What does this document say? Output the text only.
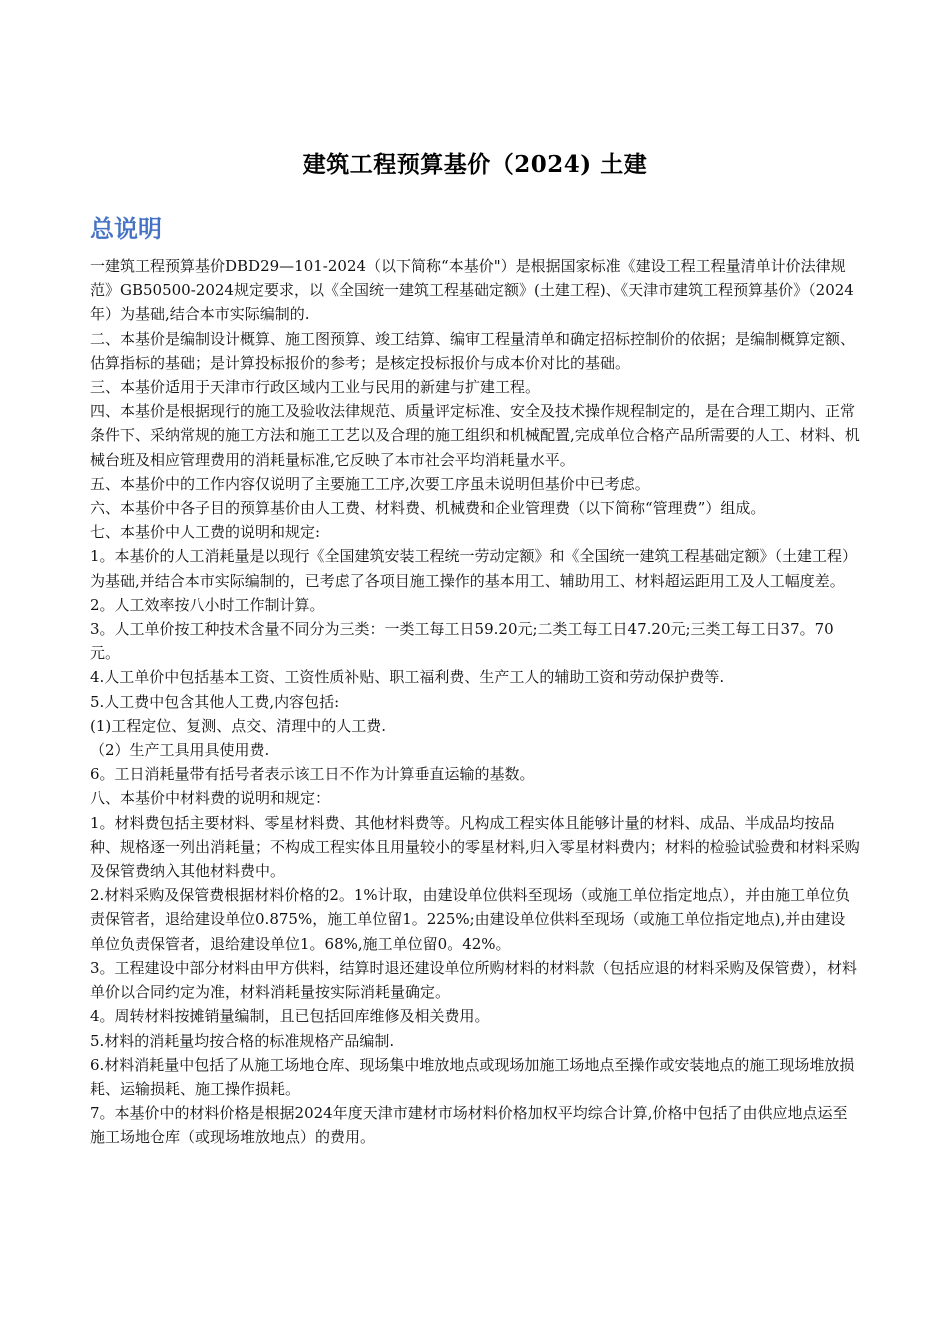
建筑工程预算基价（2024) 土建
总说明

一建筑工程预算基价DBD29—101-2024（以下简称“本基价"）是根据国家标准《建设工程工程量清单计价法律规范》GB50500-2024规定要求，以《全国统一建筑工程基础定额》(土建工程)、《天津市建筑工程预算基价》（2024年）为基础,结合本市实际编制的.

二、本基价是编制设计概算、施工图预算、竣工结算、编审工程量清单和确定招标控制价的依据；是编制概算定额、估算指标的基础；是计算投标报价的参考；是核定投标报价与成本价对比的基础。

三、本基价适用于天津市行政区域内工业与民用的新建与扩建工程。

四、本基价是根据现行的施工及验收法律规范、质量评定标准、安全及技术操作规程制定的，是在合理工期内、正常条件下、采纳常规的施工方法和施工工艺以及合理的施工组织和机械配置,完成单位合格产品所需要的人工、材料、机械台班及相应管理费用的消耗量标准,它反映了本市社会平均消耗量水平。

五、本基价中的工作内容仅说明了主要施工工序,次要工序虽未说明但基价中已考虑。

六、本基价中各子目的预算基价由人工费、材料费、机械费和企业管理费（以下简称“管理费”）组成。

七、本基价中人工费的说明和规定:

1。本基价的人工消耗量是以现行《全国建筑安装工程统一劳动定额》和《全国统一建筑工程基础定额》（土建工程）为基础,并结合本市实际编制的，已考虑了各项目施工操作的基本用工、辅助用工、材料超运距用工及人工幅度差。

2。人工效率按八小时工作制计算。

3。人工单价按工种技术含量不同分为三类：一类工每工日59.20元;二类工每工日47.20元;三类工每工日37。70元。

4.人工单价中包括基本工资、工资性质补贴、职工福利费、生产工人的辅助工资和劳动保护费等.

5.人工费中包含其他人工费,内容包括:

(1)工程定位、复测、点交、清理中的人工费.

（2）生产工具用具使用费.

6。工日消耗量带有括号者表示该工日不作为计算垂直运输的基数。

八、本基价中材料费的说明和规定：

1。材料费包括主要材料、零星材料费、其他材料费等。凡构成工程实体且能够计量的材料、成品、半成品均按品种、规格逐一列出消耗量；不构成工程实体且用量较小的零星材料,归入零星材料费内；材料的检验试验费和材料采购及保管费纳入其他材料费中。

2.材料采购及保管费根据材料价格的2。1%计取，由建设单位供料至现场（或施工单位指定地点），并由施工单位负责保管者，退给建设单位0.875%，施工单位留1。225%;由建设单位供料至现场（或施工单位指定地点),并由建设单位负责保管者，退给建设单位1。68%,施工单位留0。42%。

3。工程建设中部分材料由甲方供料，结算时退还建设单位所购材料的材料款（包括应退的材料采购及保管费），材料单价以合同约定为准，材料消耗量按实际消耗量确定。

4。周转材料按摊销量编制，且已包括回库维修及相关费用。

5.材料的消耗量均按合格的标准规格产品编制.

6.材料消耗量中包括了从施工场地仓库、现场集中堆放地点或现场加施工场地点至操作或安装地点的施工现场堆放损耗、运输损耗、施工操作损耗。

7。本基价中的材料价格是根据2024年度天津市建材市场材料价格加权平均综合计算,价格中包括了由供应地点运至施工场地仓库（或现场堆放地点）的费用。
